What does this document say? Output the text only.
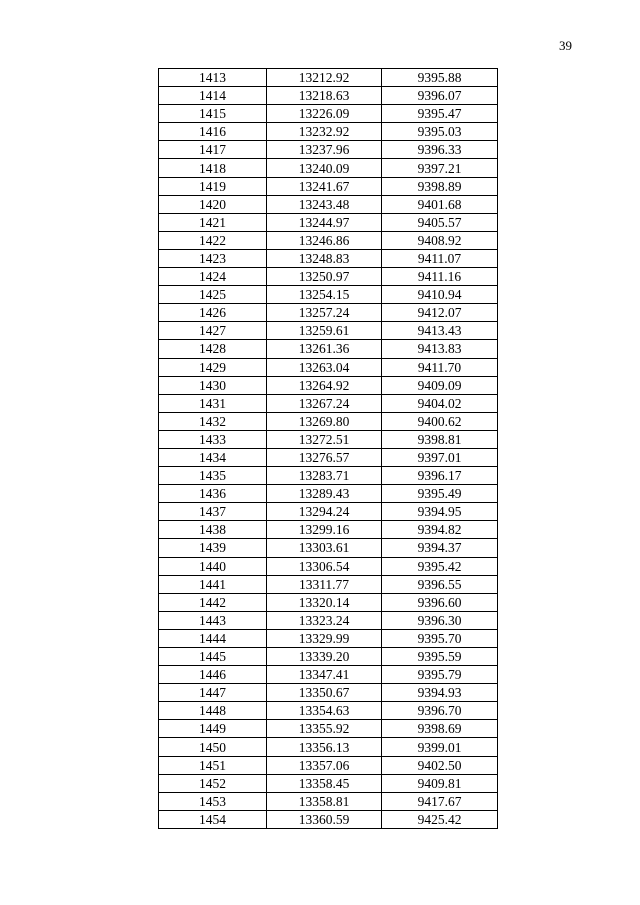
39
1413	13212.92	9395.88
1414	13218.63	9396.07
1415	13226.09	9395.47
1416	13232.92	9395.03
1417	13237.96	9396.33
1418	13240.09	9397.21
1419	13241.67	9398.89
1420	13243.48	9401.68
1421	13244.97	9405.57
1422	13246.86	9408.92
1423	13248.83	9411.07
1424	13250.97	9411.16
1425	13254.15	9410.94
1426	13257.24	9412.07
1427	13259.61	9413.43
1428	13261.36	9413.83
1429	13263.04	9411.70
1430	13264.92	9409.09
1431	13267.24	9404.02
1432	13269.80	9400.62
1433	13272.51	9398.81
1434	13276.57	9397.01
1435	13283.71	9396.17
1436	13289.43	9395.49
1437	13294.24	9394.95
1438	13299.16	9394.82
1439	13303.61	9394.37
1440	13306.54	9395.42
1441	13311.77	9396.55
1442	13320.14	9396.60
1443	13323.24	9396.30
1444	13329.99	9395.70
1445	13339.20	9395.59
1446	13347.41	9395.79
1447	13350.67	9394.93
1448	13354.63	9396.70
1449	13355.92	9398.69
1450	13356.13	9399.01
1451	13357.06	9402.50
1452	13358.45	9409.81
1453	13358.81	9417.67
1454	13360.59	9425.42
